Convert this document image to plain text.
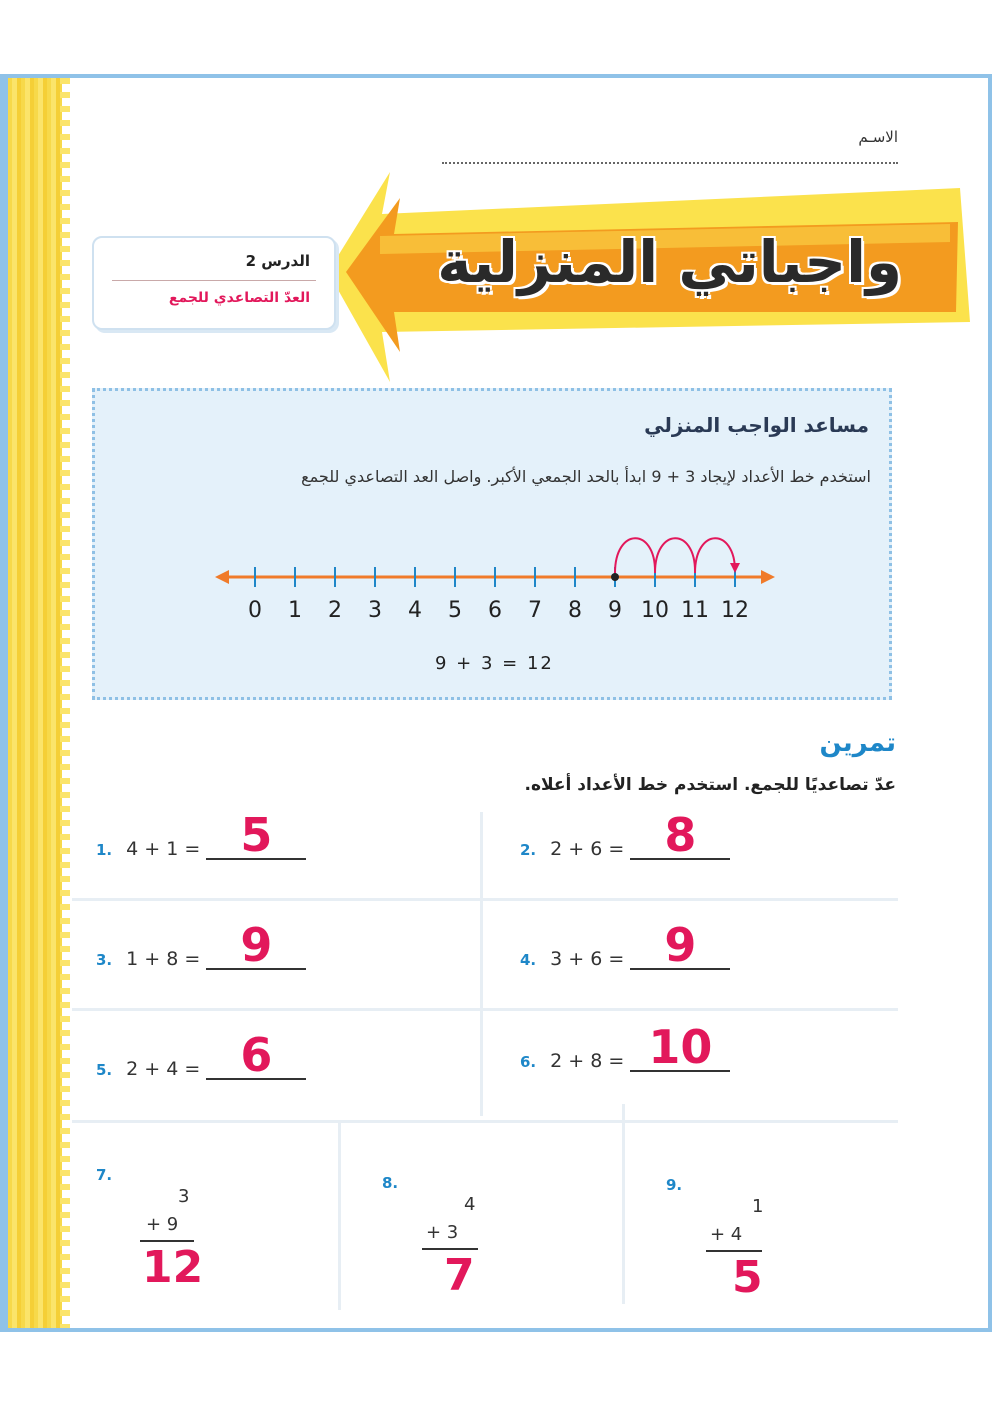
الاسـم
واجباتي المنزلية
الدرس 2
العدّ التصاعدي للجمع
مساعد الواجب المنزلي
استخدم خط الأعداد لإيجاد 3 + 9 ابدأ بالحد الجمعي الأكبر. واصل العد التصاعدي للجمع
0 1 2 3 4 5 6 7 8 9 10 11 12
9 + 3 = 12
تمرين
عدّ تصاعديًا للجمع. استخدم خط الأعداد أعلاه.
1. 4 + 1 = 5	2. 2 + 6 = 8
3. 1 + 8 = 9	4. 3 + 6 = 9
5. 2 + 4 = 6	6. 2 + 8 = 10
7.
3
+ 9
12
8.
4
+ 3
7
9.
1
+ 4
5
